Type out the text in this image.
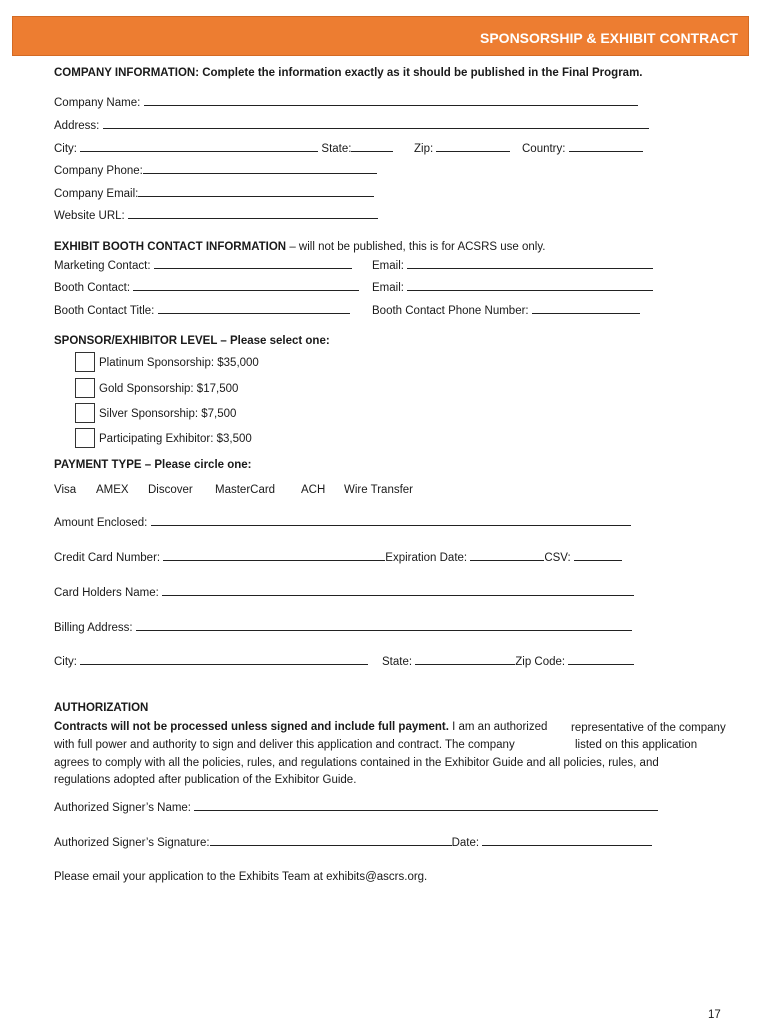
SPONSORSHIP & EXHIBIT CONTRACT
COMPANY INFORMATION: Complete the information exactly as it should be published in the Final Program.
Company Name:
Address:
City:	State:	Zip:	Country:
Company Phone:
Company Email:
Website URL:
EXHIBIT BOOTH CONTACT INFORMATION – will not be published, this is for ACSRS use only.
Marketing Contact:	Email:
Booth Contact:	Email:
Booth Contact Title:	Booth Contact Phone Number:
SPONSOR/EXHIBITOR LEVEL – Please select one:
Platinum Sponsorship: $35,000
Gold Sponsorship: $17,500
Silver Sponsorship: $7,500
Participating Exhibitor: $3,500
PAYMENT TYPE – Please circle one:
Visa AMEX Discover MasterCard ACH Wire Transfer
Amount Enclosed:
Credit Card Number:	Expiration Date:	CSV:
Card Holders Name:
Billing Address:
City:	State:	Zip Code:
AUTHORIZATION
Contracts will not be processed unless signed and include full payment. I am an authorized representative of the company
with full power and authority to sign and deliver this application and contract. The company	listed on this application
agrees to comply with all the policies, rules, and regulations contained in the Exhibitor Guide and all policies, rules, and
regulations adopted after publication of the Exhibitor Guide.
Authorized Signer’s Name:
Authorized Signer’s Signature:	Date:
Please email your application to the Exhibits Team at exhibits@ascrs.org.
17
